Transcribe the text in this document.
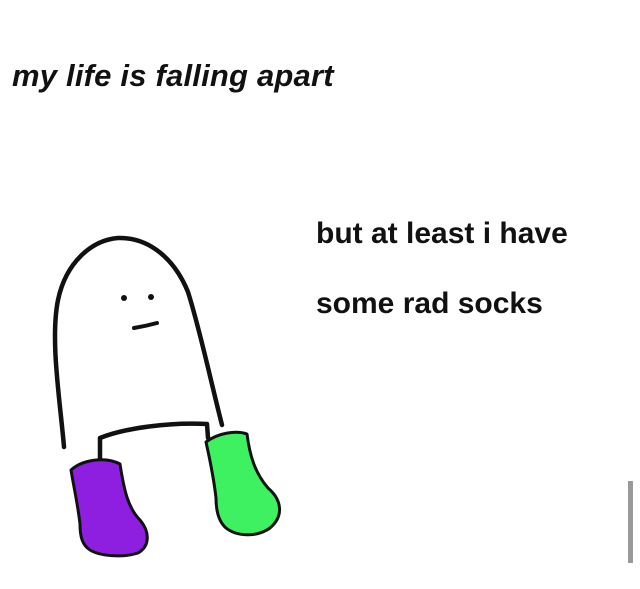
my life is falling apart

but at least i have

some rad socks
